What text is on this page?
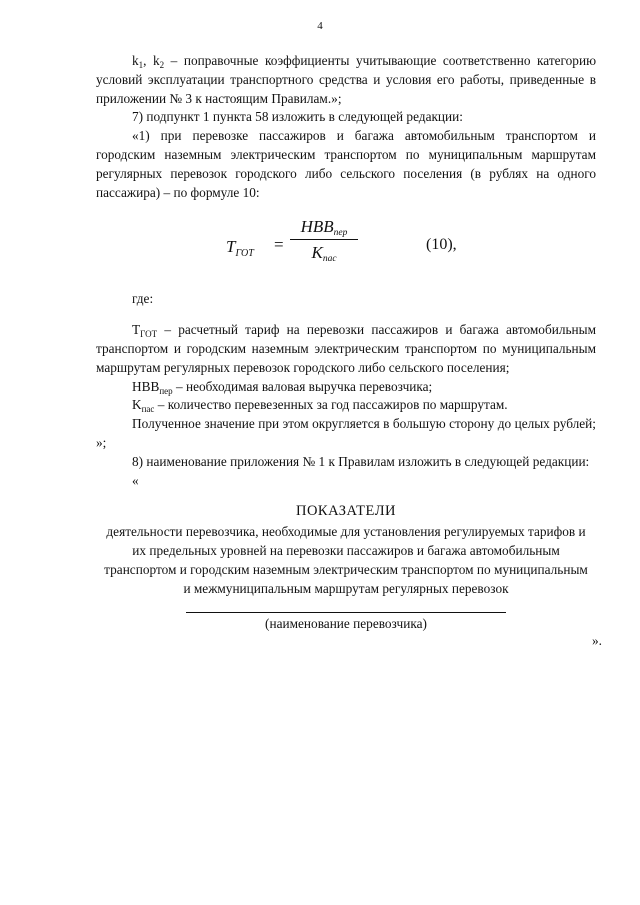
4

$k_1$, $k_2$ – поправочные коэффициенты учитывающие соответственно категорию условий эксплуатации транспортного средства и условия его работы, приведенные в приложении № 3 к настоящим Правилам.»;

7) подпункт 1 пункта 58 изложить в следующей редакции:

«1) при перевозке пассажиров и багажа автомобильным транспортом и городским наземным электрическим транспортом по муниципальным маршрутам регулярных перевозок городского либо сельского поселения (в рублях на одного пассажира) – по формуле 10:

$T_{ГОТ}$ =
$НВВ_{пер}$
$K_{пас}$
(10),

где:

$T_{ГОТ}$ – расчетный тариф на перевозки пассажиров и багажа автомобильным транспортом и городским наземным электрическим транспортом по муниципальным маршрутам регулярных перевозок городского либо сельского поселения;

$НВВ_{пер}$ – необходимая валовая выручка перевозчика;

$K_{пас}$ – количество перевезенных за год пассажиров по маршрутам.

Полученное значение при этом округляется в большую сторону до целых рублей; »;

8) наименование приложения № 1 к Правилам изложить в следующей редакции:

«

ПОКАЗАТЕЛИ
деятельности перевозчика, необходимые для установления регулируемых тарифов и их предельных уровней на перевозки пассажиров и багажа автомобильным транспортом и городским наземным электрическим транспортом по муниципальным и межмуниципальным маршрутам регулярных перевозок
(наименование перевозчика)
».
